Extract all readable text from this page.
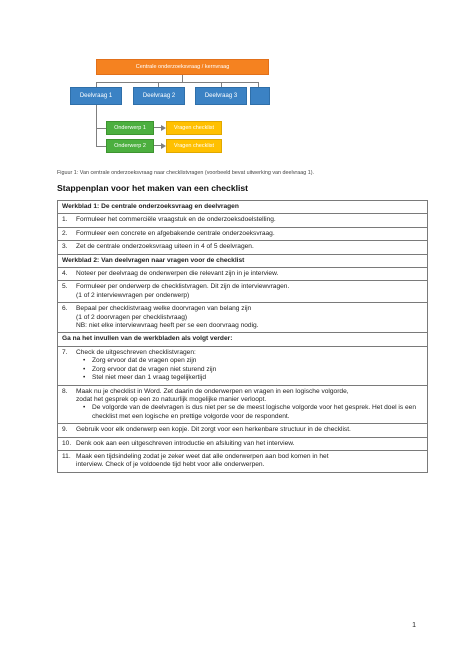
Centrale onderzoeksvraag / kernvraag
Deelvraag 1	Deelvraag 2	Deelvraag 3
Onderwerp 1
Onderwerp 2
Vragen checklist
Vragen checklist
Figuur 1: Van centrale onderzoeksvraag naar checklistvragen (voorbeeld bevat uitwerking van deelvraag 1).
Stappenplan voor het maken van een checklist
Werkblad 1: De centrale onderzoeksvraag en deelvragen

1. Formuleer het commerciële vraagstuk en de onderzoeksdoelstelling.

2. Formuleer een concrete en afgebakende centrale onderzoeksvraag.

3. Zet de centrale onderzoeksvraag uiteen in 4 of 5 deelvragen.

Werkblad 2: Van deelvragen naar vragen voor de checklist

4. Noteer per deelvraag de onderwerpen die relevant zijn in je interview.

5. Formuleer per onderwerp de checklistvragen. Dit zijn de interviewvragen.
(1 of 2 interviewvragen per onderwerp)

6. Bepaal per checklistvraag welke doorvragen van belang zijn
(1 of 2 doorvragen per checklistvraag)
NB: niet elke interviewvraag heeft per se een doorvraag nodig.

Ga na het invullen van de werkbladen als volgt verder:

7. Check de uitgeschreven checklistvragen:
• Zorg ervoor dat de vragen open zijn
• Zorg ervoor dat de vragen niet sturend zijn
• Stel niet meer dan 1 vraag tegelijkertijd

8. Maak nu je checklist in Word. Zet daarin de onderwerpen en vragen in een logische volgorde,
zodat het gesprek op een zo natuurlijk mogelijke manier verloopt.
• De volgorde van de deelvragen is dus niet per se de meest logische volgorde voor het gesprek. Het doel is een checklist met een logische en prettige volgorde voor de respondent.

9. Gebruik voor elk onderwerp een kopje. Dit zorgt voor een herkenbare structuur in de checklist.

10. Denk ook aan een uitgeschreven introductie en afsluiting van het interview.

11. Maak een tijdsindeling zodat je zeker weet dat alle onderwerpen aan bod komen in het
interview. Check of je voldoende tijd hebt voor alle onderwerpen.
1
